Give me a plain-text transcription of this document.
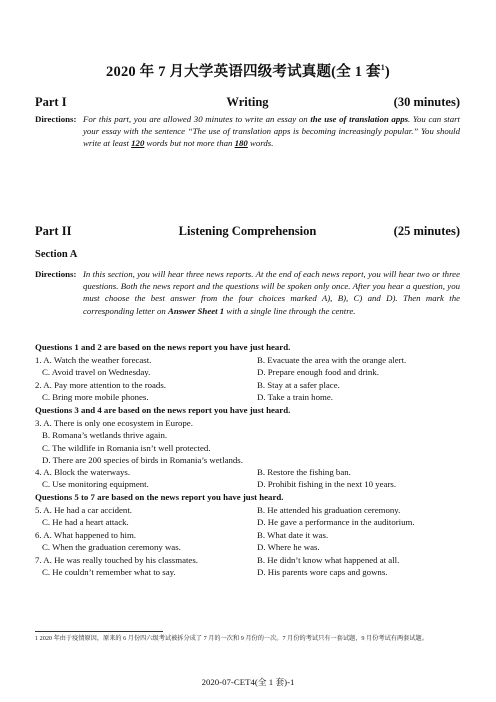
2020 年 7 月大学英语四级考试真题(全 1 套$^1$)
Part I	Writing	(30 minutes)
Directions: For this part, you are allowed 30 minutes to write an essay on the use of translation apps. You can start your essay with the sentence “The use of translation apps is becoming increasingly popular.” You should write at least 120 words but not more than 180 words.
Part II	Listening Comprehension	(25 minutes)
Section A
Directions: In this section, you will hear three news reports. At the end of each news report, you will hear two or three questions. Both the news report and the questions will be spoken only once. After you hear a question, you must choose the best answer from the four choices marked A), B), C) and D). Then mark the corresponding letter on Answer Sheet 1 with a single line through the centre.
Questions 1 and 2 are based on the news report you have just heard.
1. A. Watch the weather forecast.	B. Evacuate the area with the orange alert.
C. Avoid travel on Wednesday.	D. Prepare enough food and drink.
2. A. Pay more attention to the roads.	B. Stay at a safer place.
C. Bring more mobile phones.	D. Take a train home.
Questions 3 and 4 are based on the news report you have just heard.
3. A. There is only one ecosystem in Europe.
B. Romana’s wetlands thrive again.
C. The wildlife in Romania isn’t well protected.
D. There are 200 species of birds in Romania’s wetlands.
4. A. Block the waterways.	B. Restore the fishing ban.
C. Use monitoring equipment.	D. Prohibit fishing in the next 10 years.
Questions 5 to 7 are based on the news report you have just heard.
5. A. He had a car accident.	B. He attended his graduation ceremony.
C. He had a heart attack.	D. He gave a performance in the auditorium.
6. A. What happened to him.	B. What date it was.
C. When the graduation ceremony was.	D. Where he was.
7. A. He was really touched by his classmates.	B. He didn’t know what happened at all.
C. He couldn’t remember what to say.	D. His parents wore caps and gowns.
1 2020 年由于疫情原因，原来的 6 月份四六级考试被拆分成了 7 月的一次和 9 月份的一次。7 月份的考试只有一套试题，9 月份考试有两套试题。
2020-07-CET4(全 1 套)-1
